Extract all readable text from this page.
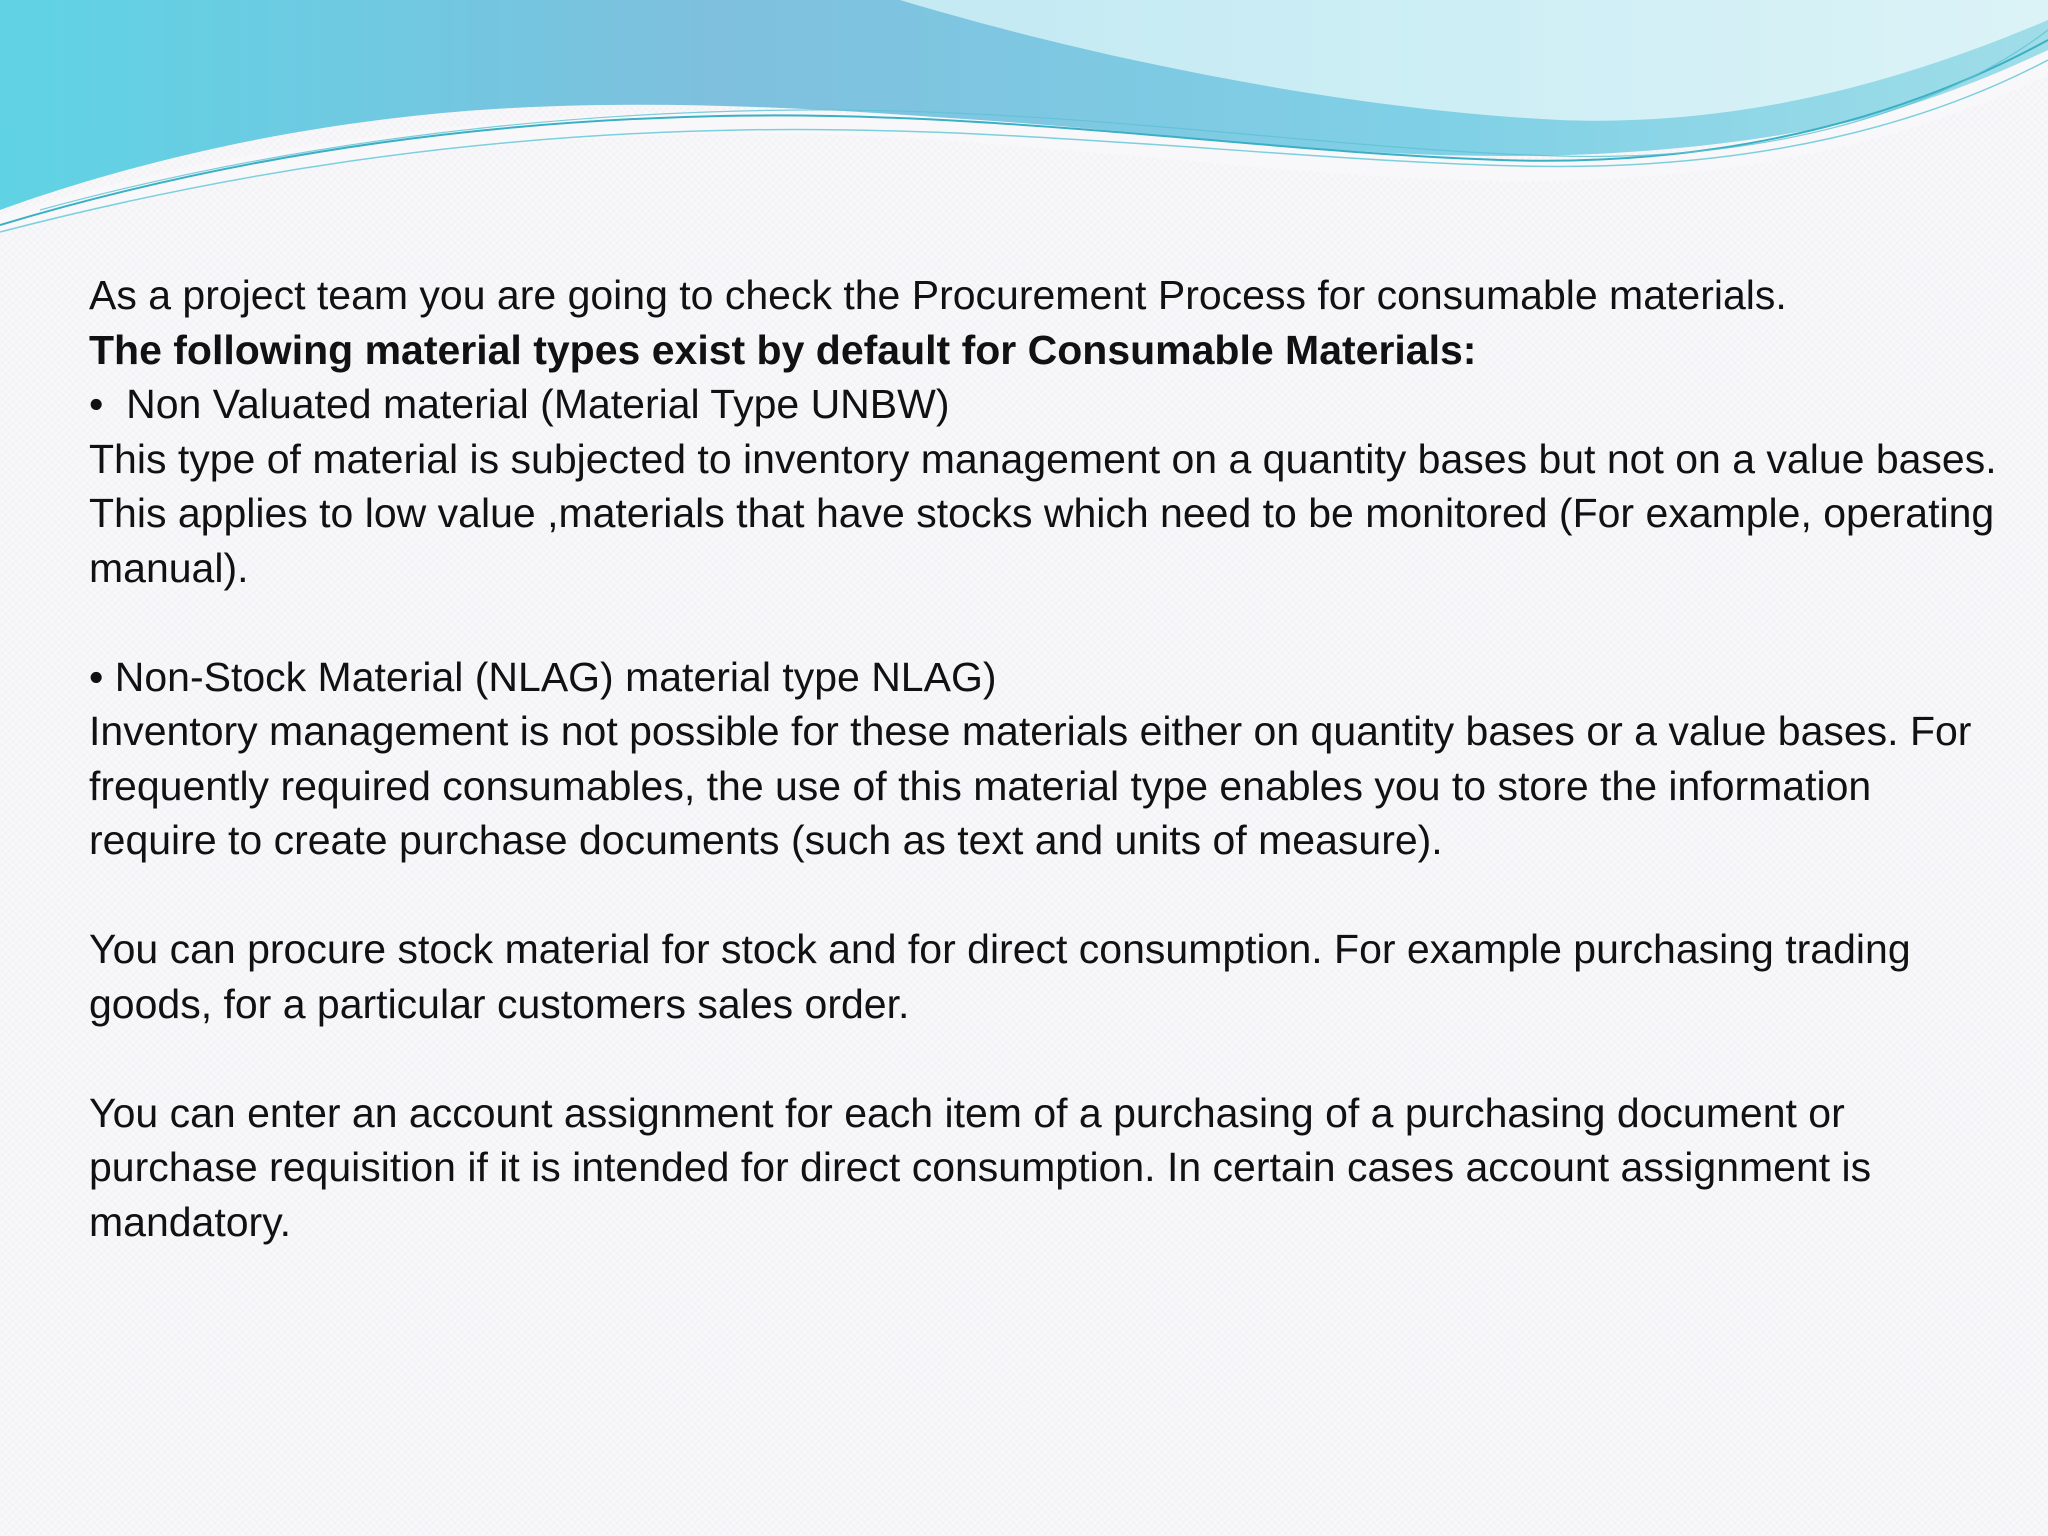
As a project team you are going to check the Procurement Process for consumable materials.

The following material types exist by default for Consumable Materials:

•  Non Valuated material (Material Type UNBW)

This type of material is subjected to inventory management on a quantity bases but not on a value bases. This applies to low value ,materials that have stocks which need to be monitored (For example, operating manual).

• Non-Stock Material (NLAG) material type NLAG)

Inventory management is not possible for these materials either on quantity bases or a value bases. For frequently required consumables, the use of this material type enables you to store the information require to create purchase documents (such as text and units of measure).

You can procure stock material for stock and for direct consumption. For example purchasing trading goods, for a particular customers sales order.

You can enter an account assignment for each item of a purchasing of a purchasing document or purchase requisition if it is intended for direct consumption. In certain cases account assignment is mandatory.
